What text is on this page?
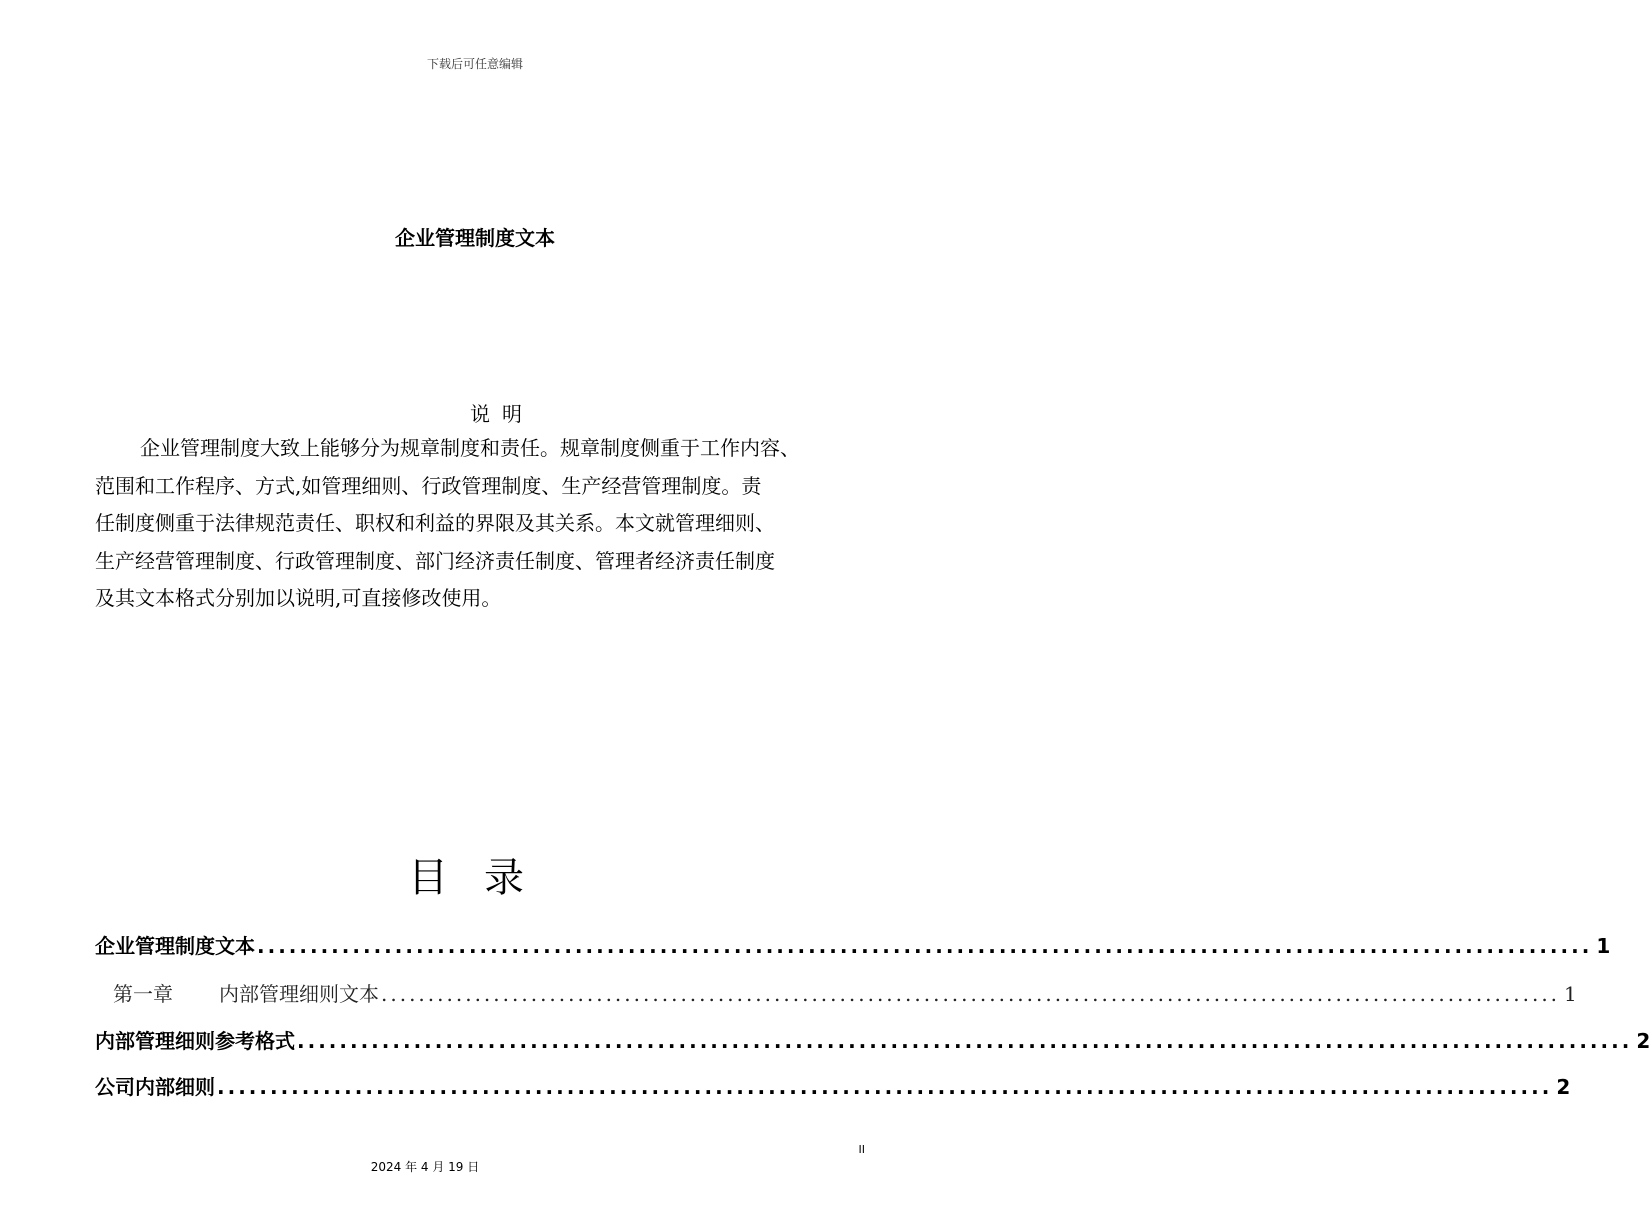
下载后可任意编辑
企业管理制度文本
说明
企业管理制度大致上能够分为规章制度和责任。规章制度侧重于工作内容、
范围和工作程序、方式,如管理细则、行政管理制度、生产经营管理制度。责
任制度侧重于法律规范责任、职权和利益的界限及其关系。本文就管理细则、
生产经营管理制度、行政管理制度、部门经济责任制度、管理者经济责任制度
及其文本格式分别加以说明,可直接修改使用。
目录
企业管理制度文本 .............................................................................................................................. 1
第一章 内部管理细则文本 .............................................................................................................................. 1
内部管理细则参考格式 .............................................................................................................................. 2
公司内部细则 .............................................................................................................................. 2
II
2024 年 4 月 19 日
